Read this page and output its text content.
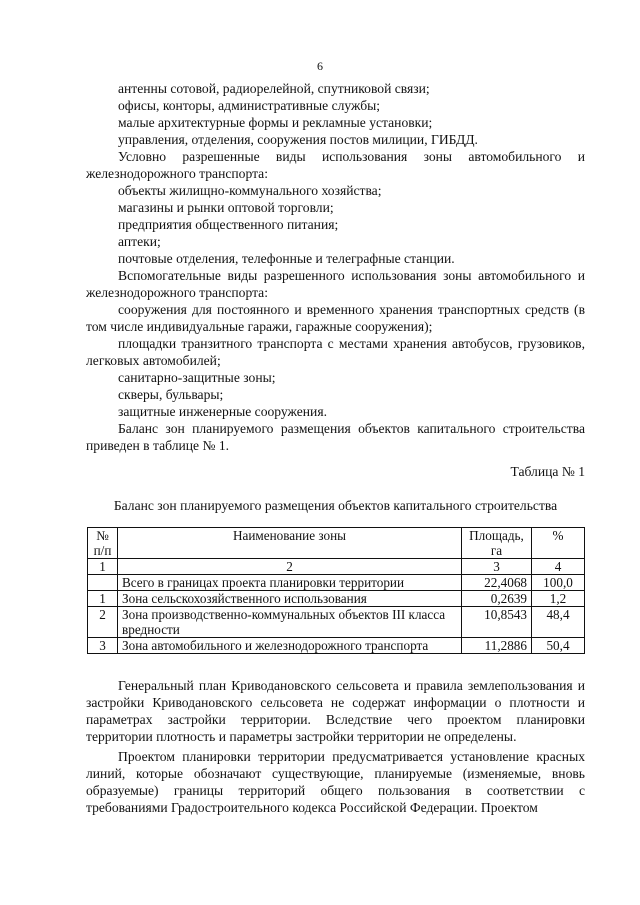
6
антенны сотовой, радиорелейной, спутниковой связи;
офисы, конторы, административные службы;
малые архитектурные формы и рекламные установки;
управления, отделения, сооружения постов милиции, ГИБДД.
Условно разрешенные виды использования зоны автомобильного и железнодорожного транспорта:
объекты жилищно-коммунального хозяйства;
магазины и рынки оптовой торговли;
предприятия общественного питания;
аптеки;
почтовые отделения, телефонные и телеграфные станции.
Вспомогательные виды разрешенного использования зоны автомобильного и железнодорожного транспорта:
сооружения для постоянного и временного хранения транспортных средств (в том числе индивидуальные гаражи, гаражные сооружения);
площадки транзитного транспорта с местами хранения автобусов, грузовиков, легковых автомобилей;
санитарно-защитные зоны;
скверы, бульвары;
защитные инженерные сооружения.
Баланс зон планируемого размещения объектов капитального строительства приведен в таблице № 1.
Таблица № 1
Баланс зон планируемого размещения объектов капитального строительства
№ п/п	Наименование зоны	Площадь, га	%
1	2	3	4
	Всего в границах проекта планировки территории	22,4068	100,0
1	Зона сельскохозяйственного использования	0,2639	1,2
2	Зона производственно-коммунальных объектов III класса вредности	10,8543	48,4
3	Зона автомобильного и железнодорожного транспорта	11,2886	50,4
Генеральный план Криводановского сельсовета и правила землепользования и застройки Криводановского сельсовета не содержат информации о плотности и параметрах застройки территории. Вследствие чего проектом планировки территории плотность и параметры застройки территории не определены.
Проектом планировки территории предусматривается установление красных линий, которые обозначают существующие, планируемые (изменяемые, вновь образуемые) границы территорий общего пользования в соответствии с требованиями Градостроительного кодекса Российской Федерации. Проектом
